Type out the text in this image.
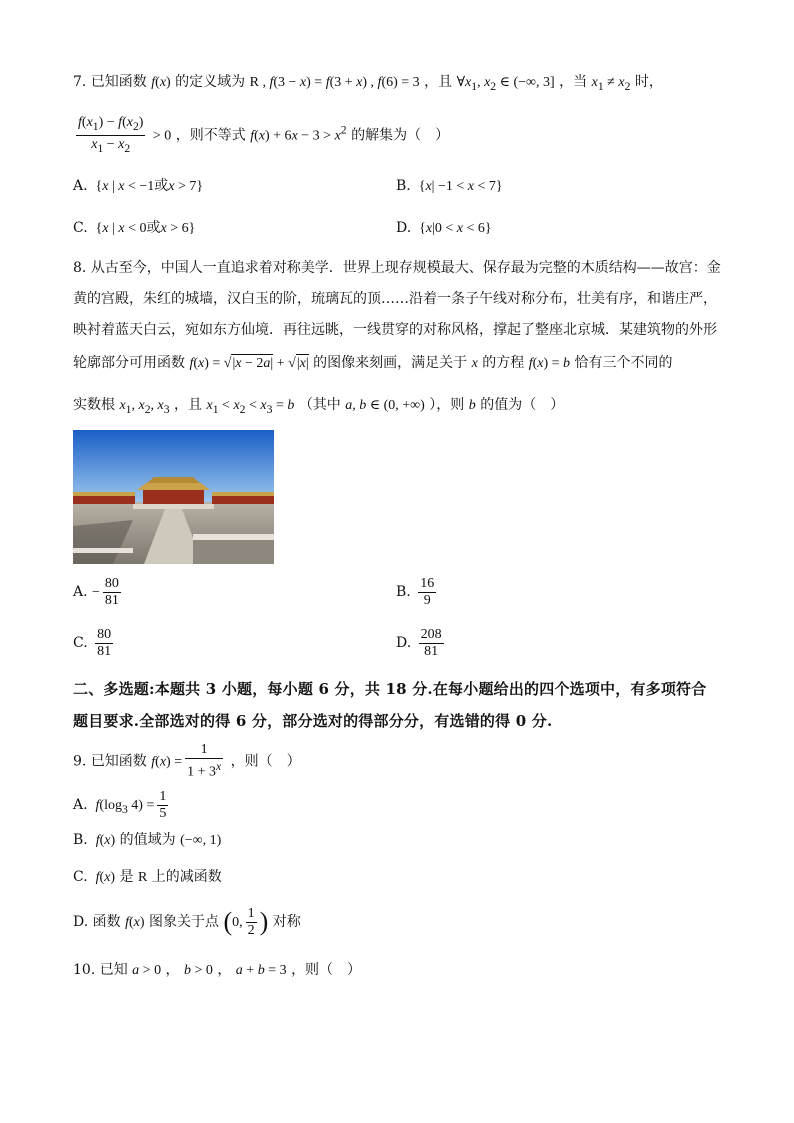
7. 已知函数 f(x) 的定义域为 R , f(3 − x) = f(3 + x) , f(6) = 3 ，且 $\forall x_1$, $x_2$ ∈ (−∞, 3] ，当 $x_1 \ne x_2$ 时，
$\frac{f(x_1) - f(x_2)}{x_1 - x_2} > 0$ ，则不等式 $f(x) + 6x - 3 > x^2$ 的解集为（　）
A.  {x | x < −1或x > 7}	B.  {x| −1 < x < 7}
C.  {x | x < 0或x > 6}	D.  {x|0 < x < 6}
8. 从古至今，中国人一直追求着对称美学．世界上现存规模最大、保存最为完整的木质结构——故宫：金
黄的宫殿，朱红的城墙，汉白玉的阶，琉璃瓦的顶……沿着一条子午线对称分布，壮美有序，和谐庄严，
映衬着蓝天白云，宛如东方仙境．再往远眺，一线贯穿的对称风格，撑起了整座北京城．某建筑物的外形
轮廓部分可用函数 f(x) = √|x − 2a| + √|x| 的图像来刻画，满足关于 x 的方程 f(x) = b 恰有三个不同的
实数根 $x_1$, $x_2$, $x_3$ ，且 $x_1 < x_2 < x_3 = b$ （其中 a, b ∈ (0, +∞) ），则 b 的值为（　）
A. − $\frac{80}{81}$	B. $\frac{16}{9}$
C. $\frac{80}{81}$	D. $\frac{208}{81}$
二、多选题:本题共 3 小题，每小题 6 分，共 18 分.在每小题给出的四个选项中，有多项符合
题目要求.全部选对的得 6 分，部分选对的得部分分，有选错的得 0 分.
9. 已知函数 $f(x) = \frac{1}{1 + 3^x}$ ，则（　）
A.  $f(\log_3$ $4) = \frac{1}{5}$
B.  f(x) 的值域为 (−∞, 1)
C.  f(x) 是 R 上的减函数
D. 函数 f(x) 图象关于点 (0, $\frac{1}{2}$ ) 对称
10. 已知 a > 0 ， b > 0 ， a + b = 3 ，则（　）
